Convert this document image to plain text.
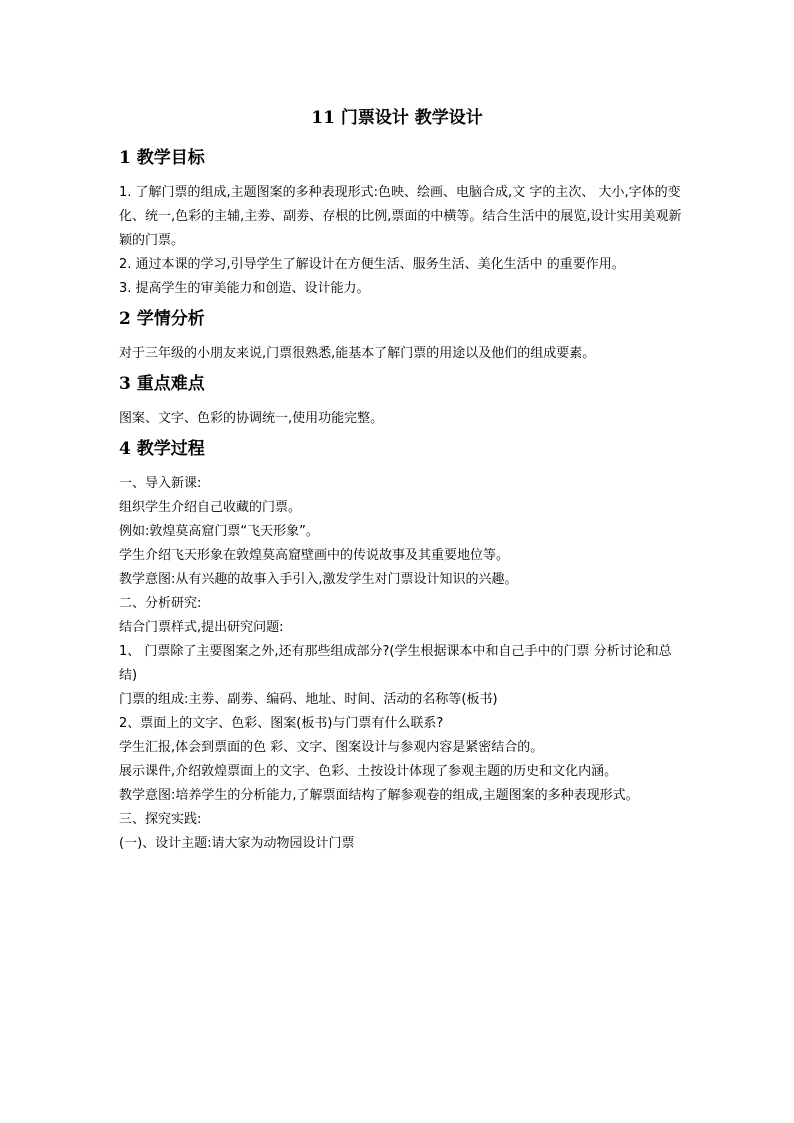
11 门票设计 教学设计
1 教学目标

1. 了解门票的组成,主题图案的多种表现形式:色映、绘画、电脑合成,文 字的主次、 大小,字体的变化、统一,色彩的主辅,主劵、副劵、存根的比例,票面的中横等。结合生活中的展览,设计实用美观新颖的门票。

2. 通过本课的学习,引导学生了解设计在方便生活、服务生活、美化生活中 的重要作用。

3. 提高学生的审美能力和创造、设计能力。

2 学情分析

对于三年级的小朋友来说,门票很熟悉,能基本了解门票的用途以及他们的组成要素。

3 重点难点

图案、文字、色彩的协调统一,使用功能完整。

4 教学过程

一、导入新课:

组织学生介绍自己收藏的门票。

例如:敦煌莫高窟门票“飞天形象”。

学生介绍飞天形象在敦煌莫高窟壁画中的传说故事及其重要地位等。

教学意图:从有兴趣的故事入手引入,激发学生对门票设计知识的兴趣。

二、分析研究:

结合门票样式,提出研究问题:

1、 门票除了主要图案之外,还有那些组成部分?(学生根据课本中和自己手中的门票 分析讨论和总结)

门票的组成:主劵、副劵、编码、地址、时间、活动的名称等(板书)

2、票面上的文字、色彩、图案(板书)与门票有什么联系?

学生汇报,体会到票面的色 彩、文字、图案设计与参观内容是紧密结合的。

展示课件,介绍敦煌票面上的文字、色彩、土按设计体现了参观主题的历史和文化内涵。

教学意图:培养学生的分析能力,了解票面结构了解参观卷的组成,主题图案的多种表现形式。

三、探究实践:

(一)、设计主题:请大家为动物园设计门票
